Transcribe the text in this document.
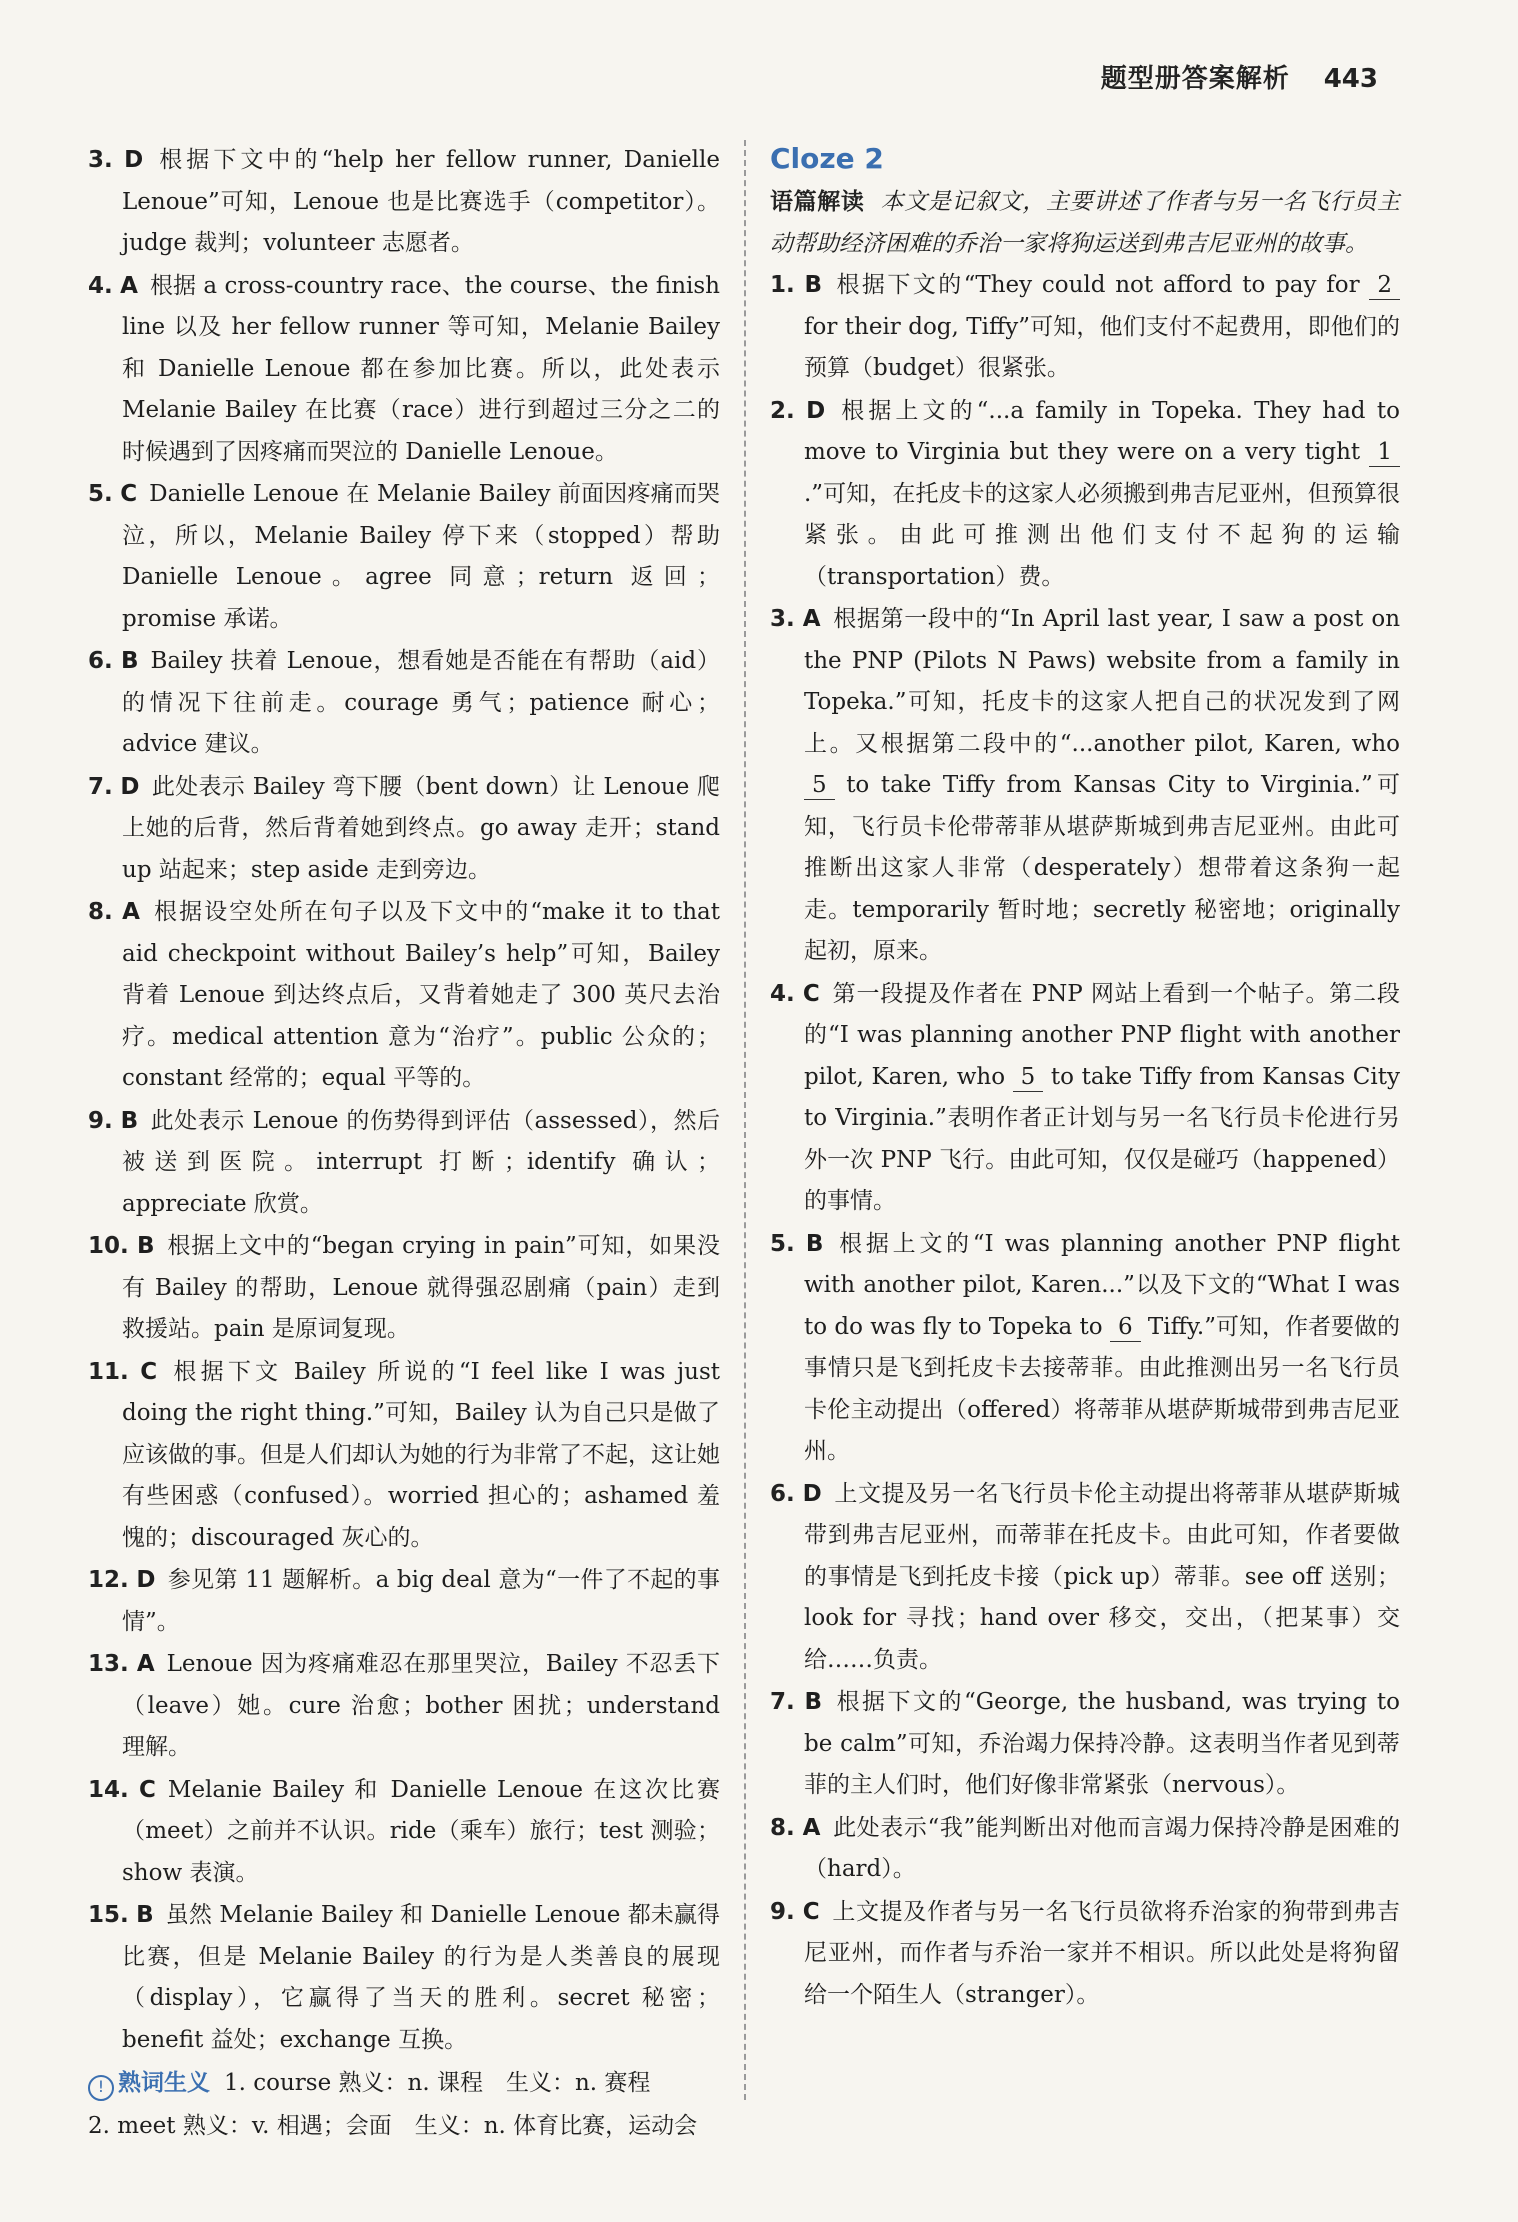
题型册答案解析 443
3. D 根据下文中的“help her fellow runner, Danielle Lenoue”可知，Lenoue 也是比赛选手（competitor）。judge 裁判；volunteer 志愿者。
4. A 根据 a cross-country race、the course、the finish line 以及 her fellow runner 等可知，Melanie Bailey 和 Danielle Lenoue 都在参加比赛。所以，此处表示 Melanie Bailey 在比赛（race）进行到超过三分之二的时候遇到了因疼痛而哭泣的 Danielle Lenoue。
5. C Danielle Lenoue 在 Melanie Bailey 前面因疼痛而哭泣，所以，Melanie Bailey 停下来（stopped）帮助 Danielle Lenoue。agree 同意；return 返回；promise 承诺。
6. B Bailey 扶着 Lenoue，想看她是否能在有帮助（aid）的情况下往前走。courage 勇气；patience 耐心；advice 建议。
7. D 此处表示 Bailey 弯下腰（bent down）让 Lenoue 爬上她的后背，然后背着她到终点。go away 走开；stand up 站起来；step aside 走到旁边。
8. A 根据设空处所在句子以及下文中的“make it to that aid checkpoint without Bailey’s help”可知，Bailey 背着 Lenoue 到达终点后，又背着她走了 300 英尺去治疗。medical attention 意为“治疗”。public 公众的；constant 经常的；equal 平等的。
9. B 此处表示 Lenoue 的伤势得到评估（assessed），然后被送到医院。interrupt 打断；identify 确认；appreciate 欣赏。
10. B 根据上文中的“began crying in pain”可知，如果没有 Bailey 的帮助，Lenoue 就得强忍剧痛（pain）走到救援站。pain 是原词复现。
11. C 根据下文 Bailey 所说的“I feel like I was just doing the right thing.”可知，Bailey 认为自己只是做了应该做的事。但是人们却认为她的行为非常了不起，这让她有些困惑（confused）。worried 担心的；ashamed 羞愧的；discouraged 灰心的。
12. D 参见第 11 题解析。a big deal 意为“一件了不起的事情”。
13. A Lenoue 因为疼痛难忍在那里哭泣，Bailey 不忍丢下（leave）她。cure 治愈；bother 困扰；understand 理解。
14. C Melanie Bailey 和 Danielle Lenoue 在这次比赛（meet）之前并不认识。ride（乘车）旅行；test 测验；show 表演。
15. B 虽然 Melanie Bailey 和 Danielle Lenoue 都未赢得比赛，但是 Melanie Bailey 的行为是人类善良的展现（display），它赢得了当天的胜利。secret 秘密；benefit 益处；exchange 互换。
! 熟词生义 1. course 熟义：n. 课程　生义：n. 赛程
2. meet 熟义：v. 相遇；会面　生义：n. 体育比赛，运动会
Cloze 2
语篇解读 本文是记叙文，主要讲述了作者与另一名飞行员主动帮助经济困难的乔治一家将狗运送到弗吉尼亚州的故事。
1. B 根据下文的“They could not afford to pay for 2 for their dog, Tiffy”可知，他们支付不起费用，即他们的预算（budget）很紧张。
2. D 根据上文的“...a family in Topeka. They had to move to Virginia but they were on a very tight 1.”可知，在托皮卡的这家人必须搬到弗吉尼亚州，但预算很紧张。由此可推测出他们支付不起狗的运输（transportation）费。
3. A 根据第一段中的“In April last year, I saw a post on the PNP (Pilots N Paws) website from a family in Topeka.”可知，托皮卡的这家人把自己的状况发到了网上。又根据第二段中的“...another pilot, Karen, who 5 to take Tiffy from Kansas City to Virginia.”可知，飞行员卡伦带蒂菲从堪萨斯城到弗吉尼亚州。由此可推断出这家人非常（desperately）想带着这条狗一起走。temporarily 暂时地；secretly 秘密地；originally 起初，原来。
4. C 第一段提及作者在 PNP 网站上看到一个帖子。第二段的“I was planning another PNP flight with another pilot, Karen, who 5 to take Tiffy from Kansas City to Virginia.”表明作者正计划与另一名飞行员卡伦进行另外一次 PNP 飞行。由此可知，仅仅是碰巧（happened）的事情。
5. B 根据上文的“I was planning another PNP flight with another pilot, Karen...”以及下文的“What I was to do was fly to Topeka to 6 Tiffy.”可知，作者要做的事情只是飞到托皮卡去接蒂菲。由此推测出另一名飞行员卡伦主动提出（offered）将蒂菲从堪萨斯城带到弗吉尼亚州。
6. D 上文提及另一名飞行员卡伦主动提出将蒂菲从堪萨斯城带到弗吉尼亚州，而蒂菲在托皮卡。由此可知，作者要做的事情是飞到托皮卡接（pick up）蒂菲。see off 送别；look for 寻找；hand over 移交，交出，（把某事）交给……负责。
7. B 根据下文的“George, the husband, was trying to be calm”可知，乔治竭力保持冷静。这表明当作者见到蒂菲的主人们时，他们好像非常紧张（nervous）。
8. A 此处表示“我”能判断出对他而言竭力保持冷静是困难的（hard）。
9. C 上文提及作者与另一名飞行员欲将乔治家的狗带到弗吉尼亚州，而作者与乔治一家并不相识。所以此处是将狗留给一个陌生人（stranger）。
